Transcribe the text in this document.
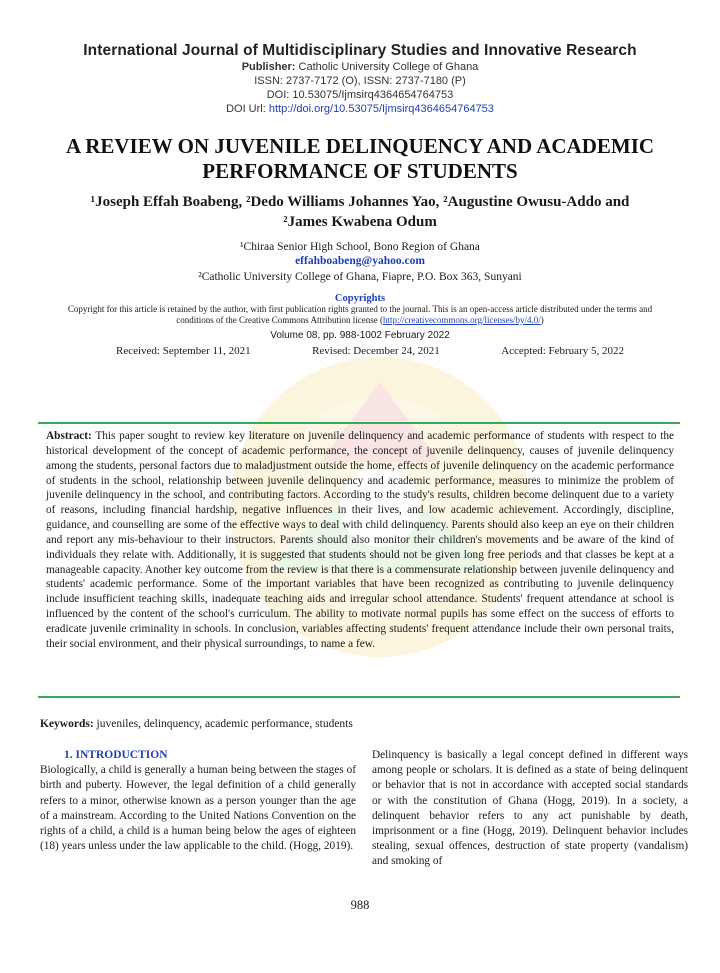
International Journal of Multidisciplinary Studies and Innovative Research
Publisher: Catholic University College of Ghana
ISSN: 2737-7172 (O), ISSN: 2737-7180 (P)
DOI: 10.53075/Ijmsirq4364654764753
DOI Url: http://doi.org/10.53075/Ijmsirq4364654764753
A REVIEW ON JUVENILE DELINQUENCY AND ACADEMIC PERFORMANCE OF STUDENTS
¹Joseph Effah Boabeng, ²Dedo Williams Johannes Yao, ²Augustine Owusu-Addo and
²James Kwabena Odum
¹Chiraa Senior High School, Bono Region of Ghana
effahboabeng@yahoo.com
²Catholic University College of Ghana, Fiapre, P.O. Box 363, Sunyani
Copyrights
Copyright for this article is retained by the author, with first publication rights granted to the journal. This is an open-access article distributed under the terms and conditions of the Creative Commons Attribution license (http://creativecommons.org/licenses/by/4.0/)
Volume 08, pp. 988-1002 February 2022
Received: September 11, 2021	Revised: December 24, 2021	Accepted: February 5, 2022
Abstract: This paper sought to review key literature on juvenile delinquency and academic performance of students with respect to the historical development of the concept of academic performance, the concept of juvenile delinquency, causes of juvenile delinquency among the students, personal factors due to maladjustment outside the home, effects of juvenile delinquency on the academic performance of students in the school, relationship between juvenile delinquency and academic performance, measures to minimize the problem of juvenile delinquency in the school, and contributing factors. According to the study's results, children become delinquent due to a variety of reasons, including financial hardship, negative influences in their lives, and low academic achievement. Accordingly, discipline, guidance, and counselling are some of the effective ways to deal with child delinquency. Parents should also keep an eye on their children and report any mis-behaviour to their instructors. Parents should also monitor their children's movements and be aware of the kind of individuals they relate with. Additionally, it is suggested that students should not be given long free periods and that classes be kept at a manageable capacity. Another key outcome from the review is that there is a commensurate relationship between juvenile delinquency and students' academic performance. Some of the important variables that have been recognized as contributing to juvenile delinquency include insufficient teaching skills, inadequate teaching aids and irregular school attendance. Students' frequent attendance at school is influenced by the content of the school's curriculum. The ability to motivate normal pupils has some effect on the success of efforts to eradicate juvenile criminality in schools. In conclusion, variables affecting students' frequent attendance include their own personal traits, their social environment, and their physical surroundings, to name a few.
Keywords: juveniles, delinquency, academic performance, students
1. INTRODUCTION
Biologically, a child is generally a human being between the stages of birth and puberty. However, the legal definition of a child generally refers to a minor, otherwise known as a person younger than the age of a mainstream. According to the United Nations Convention on the rights of a child, a child is a human being below the ages of eighteen (18) years unless under the law applicable to the child. (Hogg, 2019).
Delinquency is basically a legal concept defined in different ways among people or scholars. It is defined as a state of being delinquent or behavior that is not in accordance with accepted social standards or with the constitution of Ghana (Hogg, 2019). In a society, a delinquent behavior refers to any act punishable by death, imprisonment or a fine (Hogg, 2019). Delinquent behavior includes stealing, sexual offences, destruction of state property (vandalism) and smoking of
988
